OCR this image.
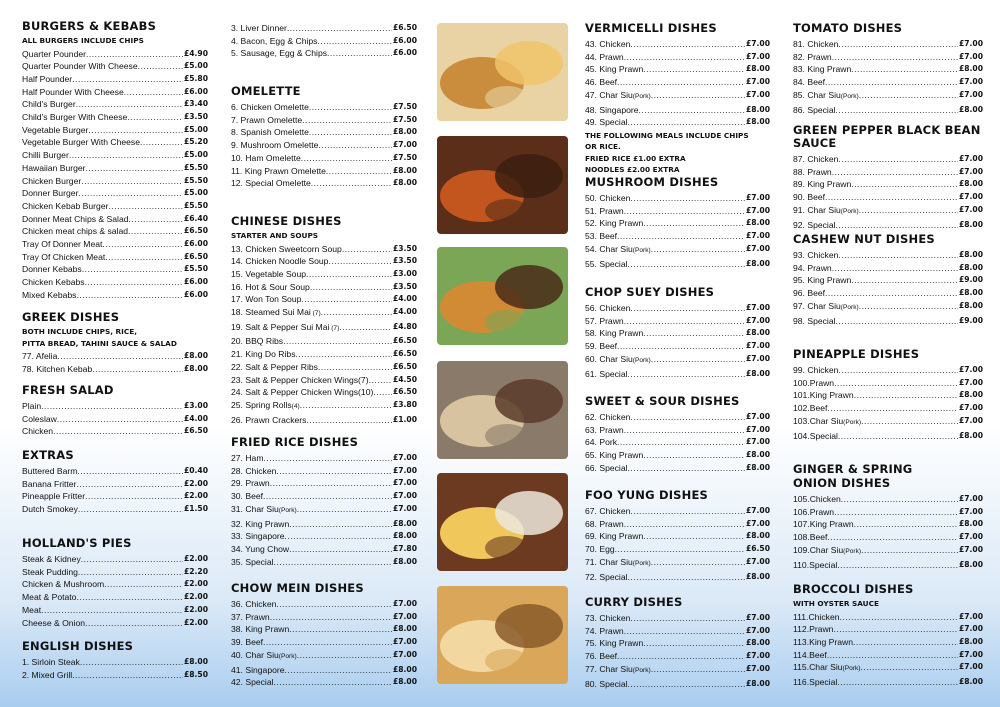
BURGERS & KEBABS
ALL BURGERS INCLUDE CHIPS
Quarter Pounder .....	£4.90
Quarter Pounder With Cheese .....	£5.00
Half Pounder .....	£5.80
Half Pounder With Cheese .....	£6.00
Child's Burger .....	£3.40
Child's Burger With Cheese .....	£3.50
Vegetable Burger .....	£5.00
Vegetable Burger With Cheese .....	£5.20
Chilli Burger .....	£5.00
Hawaiian Burger .....	£5.50
Chicken Burger .....	£5.50
Donner Burger .....	£5.00
Chicken Kebab Burger .....	£5.50
Donner Meat Chips & Salad .....	£6.40
Chicken meat chips & salad .....	£6.50
Tray Of Donner Meat .....	£6.00
Tray Of Chicken Meat .....	£6.50
Donner Kebabs .....	£5.50
Chicken Kebabs .....	£6.00
Mixed Kebabs .....	£6.00
GREEK DISHES
BOTH INCLUDE CHIPS, RICE,
PITTA BREAD, TAHINI SAUCE & SALAD
77. Afelia .....	£8.00
78. Kitchen Kebab .....	£8.00
FRESH SALAD
Plain .....	£3.00
Coleslaw .....	£4.00
Chicken .....	£6.50
EXTRAS
Buttered Barm .....	£0.40
Banana Fritter .....	£2.00
Pineapple Fritter .....	£2.00
Dutch Smokey .....	£1.50
HOLLAND'S PIES
Steak & Kidney .....	£2.00
Steak Pudding .....	£2.20
Chicken & Mushroom .....	£2.00
Meat & Potato .....	£2.00
Meat .....	£2.00
Cheese & Onion .....	£2.00
ENGLISH DISHES
1. Sirloin Steak .....	£8.00
2. Mixed Grill .....	£8.50
3. Liver Dinner .....	£6.50
4. Bacon, Egg & Chips .....	£6.00
5. Sausage, Egg & Chips .....	£6.00
OMELETTE
6. Chicken Omelette .....	£7.50
7. Prawn Omelette .....	£7.50
8. Spanish Omelette .....	£8.00
9. Mushroom Omelette .....	£7.00
10. Ham Omelette .....	£7.50
11. King Prawn Omelette .....	£8.00
12. Special Omelette .....	£8.00
CHINESE DISHES
STARTER AND SOUPS
13. Chicken Sweetcorn Soup .....	£3.50
14. Chicken Noodle Soup .....	£3.50
15. Vegetable Soup .....	£3.00
16. Hot & Sour Soup .....	£3.50
17. Won Ton Soup .....	£4.00
18. Steamed Sui Mai (7) .....	£4.00
19. Salt & Pepper Sui Mai (7) .....	£4.80
20. BBQ Ribs .....	£6.50
21. King Do Ribs .....	£6.50
22. Salt & Pepper Ribs .....	£6.50
23. Salt & Pepper Chicken Wings(7) .....	£4.50
24. Salt & Pepper Chicken Wings(10) .....	£6.50
25. Spring Rolls(4) .....	£3.80
26. Prawn Crackers .....	£1.00
FRIED RICE DISHES
27. Ham .....	£7.00
28. Chicken .....	£7.00
29. Prawn .....	£7.00
30. Beef .....	£7.00
31. Char Siu(Pork) .....	£7.00
32. King Prawn .....	£8.00
33. Singapore .....	£8.00
34. Yung Chow .....	£7.80
35. Special .....	£8.00
CHOW MEIN DISHES
36. Chicken .....	£7.00
37. Prawn .....	£7.00
38. King Prawn .....	£8.00
39. Beef .....	£7.00
40. Char Siu(Pork) .....	£7.00
41. Singapore .....	£8.00
42. Special .....	£8.00
VERMICELLI DISHES
43. Chicken .....	£7.00
44. Prawn .....	£7.00
45. King Prawn .....	£8.00
46. Beef .....	£7.00
47. Char Siu(Pork) .....	£7.00
48. Singapore .....	£8.00
49. Special .....	£8.00
THE FOLLOWING MEALS INCLUDE CHIPS
OR RICE.
FRIED RICE £1.00 EXTRA
NOODLES £2.00 EXTRA
MUSHROOM DISHES
50. Chicken .....	£7.00
51. Prawn .....	£7.00
52. King Prawn .....	£8.00
53. Beef .....	£7.00
54. Char Siu(Pork) .....	£7.00
55. Special .....	£8.00
CHOP SUEY DISHES
56. Chicken .....	£7.00
57. Prawn .....	£7.00
58. King Prawn .....	£8.00
59. Beef .....	£7.00
60. Char Siu(Pork) .....	£7.00
61. Special .....	£8.00
SWEET & SOUR DISHES
62. Chicken .....	£7.00
63. Prawn .....	£7.00
64. Pork .....	£7.00
65. King Prawn .....	£8.00
66. Special .....	£8.00
FOO YUNG DISHES
67. Chicken .....	£7.00
68. Prawn .....	£7.00
69. King Prawn .....	£8.00
70. Egg .....	£6.50
71. Char Siu(Pork) .....	£7.00
72. Special .....	£8.00
CURRY DISHES
73. Chicken .....	£7.00
74. Prawn .....	£7.00
75. King Prawn .....	£8.00
76. Beef .....	£7.00
77. Char Siu(Pork) .....	£7.00
80. Special .....	£8.00
TOMATO DISHES
81. Chicken .....	£7.00
82. Prawn .....	£7.00
83. King Prawn .....	£8.00
84. Beef .....	£7.00
85. Char Siu(Pork) .....	£7.00
86. Special .....	£8.00
GREEN PEPPER BLACK BEAN SAUCE
87. Chicken .....	£7.00
88. Prawn .....	£7.00
89. King Prawn .....	£8.00
90. Beef .....	£7.00
91. Char Siu(Pork) .....	£7.00
92. Special .....	£8.00
CASHEW NUT DISHES
93. Chicken .....	£8.00
94. Prawn .....	£8.00
95. King Prawn .....	£9.00
96. Beef .....	£8.00
97. Char Siu(Pork) .....	£8.00
98. Special .....	£9.00
PINEAPPLE DISHES
99. Chicken .....	£7.00
100.Prawn .....	£7.00
101.King Prawn .....	£8.00
102.Beef .....	£7.00
103.Char Siu(Pork) .....	£7.00
104.Special .....	£8.00
GINGER & SPRING
ONION DISHES
105.Chicken .....	£7.00
106.Prawn .....	£7.00
107.King Prawn .....	£8.00
108.Beef .....	£7.00
109.Char Siu(Pork) .....	£7.00
110.Special .....	£8.00
BROCCOLI DISHES
WITH OYSTER SAUCE
111.Chicken .....	£7.00
112.Prawn .....	£7.00
113.King Prawn .....	£8.00
114.Beef .....	£7.00
115.Char Siu(Pork) .....	£7.00
116.Special .....	£8.00
